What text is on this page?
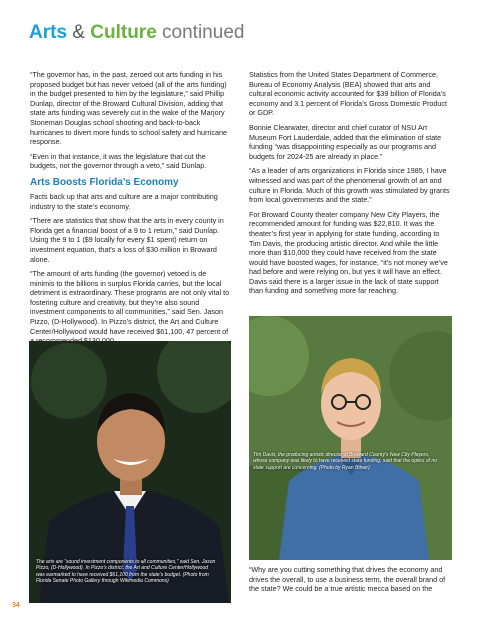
Arts & Culture continued

“The governor has, in the past, zeroed out arts funding in his proposed budget but has never vetoed (all of the arts funding) in the budget presented to him by the legislature,” said Phillip Dunlap, director of the Broward Cultural Division, adding that state arts funding was severely cut in the wake of the Marjory Stoneman Douglas school shooting and back-to-back hurricanes to divert more funds to school safety and hurricane response.

“Even in that instance, it was the legislature that cut the budgets, not the governor through a veto,” said Dunlap.

Arts Boosts Florida’s Economy

Facts back up that arts and culture are a major contributing industry to the state’s economy.

“There are statistics that show that the arts in every county in Florida get a financial boost of a 9 to 1 return,” said Dunlap. Using the 9 to 1 ($9 locally for every $1 spent) return on investment equation, that’s a loss of $30 million in Broward alone.

“The amount of arts funding (the governor) vetoed is de minimis to the billions in surplus Florida carries, but the local detriment is extraordinary. These programs are not only vital to fostering culture and creativity, but they’re also sound investment components to all communities,” said Sen. Jason Pizzo, (D-Hollywood). In Pizzo’s district, the Art and Culture Center/Hollywood would have received $61,100, 47 percent of

Statistics from the United States Department of Commerce, Bureau of Economy Analysis (BEA) showed that arts and cultural economic activity accounted for $39 billion of Florida’s economy and 3.1 percent of Florida’s Gross Domestic Product or GDP.

Bonnie Clearwater, director and chief curator of NSU Art Museum Fort Lauderdale, added that the elimination of state funding “was disappointing especially as our programs and budgets for 2024-25 are already in place.”

“As a leader of arts organizations in Florida since 1985, I have witnessed and was part of the phenomenal growth of art and culture in Florida. Much of this growth was stimulated by grants from local governments and the state.”

For Broward County theater company New City Players, the recommended amount for funding was $22,810. It was the theater’s first year in applying for state funding, according to Tim Davis, the producing artistic director. And while the little more than $10,000 they could have received from the state would have boosted wages, for instance, “it’s not money we’ve had before and were relying on, but yes it will have an effect. Davis said there is a larger issue in the lack of state support than funding and something more far reaching.

The arts are “sound investment components to all communities,” said Sen. Jason Pizzo, (D-Hollywood). In Pizzo’s district, the Art and Culture Center/Hollywood was earmarked to have received $61,100 from the state’s budget. (Photo from Florida Senate Photo Gallery through Wikimedia Commons)
Tim Davis, the producing artistic director of Broward County’s New City Players, whose company was likely to have received state funding, said that the optics of no state support are concerning. (Photo by Ryan Bitner)

“Why are you cutting something that drives the economy and drives the overall, to use a business term, the overall brand of the state? We could be a true artistic mecca based on the

34
